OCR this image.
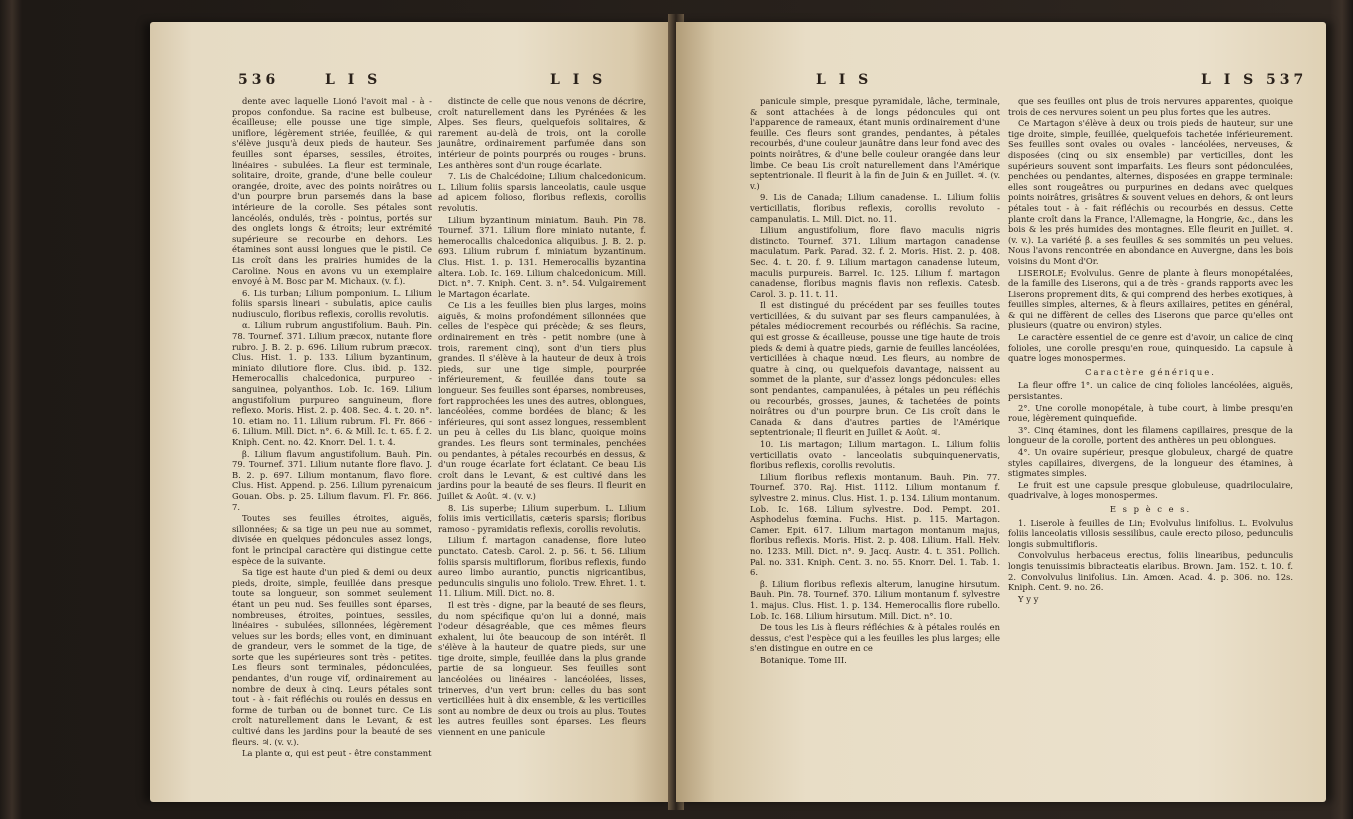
536	L I S	L I S

dente avec laquelle Lionó l'avoit mal - à - propos confondue. Sa racine est bulbeuse, écailleuse; elle pousse une tige simple, uniflore, légèrement striée, feuillée, & qui s'élève jusqu'à deux pieds de hauteur. Ses feuilles sont éparses, sessiles, étroites, linéaires - subulées. La fleur est terminale, solitaire, droite, grande, d'une belle couleur orangée, droite, avec des points noirâtres ou d'un pourpre brun parsemés dans la base intérieure de la corolle. Ses pétales sont lancéolés, ondulés, très - pointus, portés sur des onglets longs & étroits; leur extrémité supérieure se recourbe en dehors. Les étamines sont aussi longues que le pistil. Ce Lis croît dans les prairies humides de la Caroline. Nous en avons vu un exemplaire envoyé à M. Bosc par M. Michaux. (v. f.).

6. Lis turban; Lilium pomponium. L. Lilium foliis sparsis lineari - subulatis, apice caulis nudiusculo, floribus reflexis, corollis revolutis.

α. Lilium rubrum angustifolium. Bauh. Pin. 78. Tournef. 371. Lilium præcox, nutante flore rubro. J. B. 2. p. 696. Lilium rubrum præcox. Clus. Hist. 1. p. 133. Lilium byzantinum, miniato dilutiore flore. Clus. ibid. p. 132. Hemerocallis chalcedonica, purpureo - sanguinea, polyanthos. Lob. Ic. 169. Lilium angustifolium purpureo sanguineum, flore reflexo. Moris. Hist. 2. p. 408. Sec. 4. t. 20. n°. 10. etiam no. 11. Lilium rubrum. Fl. Fr. 866 - 6. Lilium. Mill. Dict. n°. 6. & Mill. Ic. t. 65. f. 2. Kniph. Cent. no. 42. Knorr. Del. 1. t. 4.

β. Lilium flavum angustifolium. Bauh. Pin. 79. Tournef. 371. Lilium nutante flore flavo. J. B. 2. p. 697. Lilium montanum, flavo flore. Clus. Hist. Append. p. 256. Lilium pyrenaicum Gouan. Obs. p. 25. Lilium flavum. Fl. Fr. 866. 7.

Toutes ses feuilles étroites, aiguës, sillonnées; & sa tige un peu nue au sommet, divisée en quelques pédoncules assez longs, font le principal caractère qui distingue cette espèce de la suivante.

Sa tige est haute d'un pied & demi ou deux pieds, droite, simple, feuillée dans presque toute sa longueur, son sommet seulement étant un peu nud. Ses feuilles sont éparses, nombreuses, étroites, pointues, sessiles, linéaires - subulées, sillonnées, légèrement velues sur les bords; elles vont, en diminuant de grandeur, vers le sommet de la tige, de sorte que les supérieures sont très - petites. Les fleurs sont terminales, pédonculées, pendantes, d'un rouge vif, ordinairement au nombre de deux à cinq. Leurs pétales sont tout - à - fait réfléchis ou roulés en dessus en forme de turban ou de bonnet turc. Ce Lis croît naturellement dans le Levant, & est cultivé dans les jardins pour la beauté de ses fleurs. ♃. (v. v.).

La plante α, qui est peut - être constamment

distincte de celle que nous venons de décrire, croît naturellement dans les Pyrénées & les Alpes. Ses fleurs, quelquefois solitaires, & rarement au-delà de trois, ont la corolle jaunâtre, ordinairement parfumée dans son intérieur de points pourprés ou rouges - bruns. Les anthères sont d'un rouge écarlate.

7. Lis de Chalcédoine; Lilium chalcedonicum. L. Lilium foliis sparsis lanceolatis, caule usque ad apicem folioso, floribus reflexis, corollis revolutis.

Lilium byzantinum miniatum. Bauh. Pin 78. Tournef. 371. Lilium flore miniato nutante, f. hemerocallis chalcedonica aliquibus. J. B. 2. p. 693. Lilium rubrum f. miniatum byzantinum. Clus. Hist. 1. p. 131. Hemerocallis byzantina altera. Lob. Ic. 169. Lilium chalcedonicum. Mill. Dict. n°. 7. Kniph. Cent. 3. n°. 54. Vulgairement le Martagon écarlate.

Ce Lis a les feuilles bien plus larges, moins aiguës, & moins profondément sillonnées que celles de l'espèce qui précède; & ses fleurs, ordinairement en très - petit nombre (une à trois, rarement cinq), sont d'un tiers plus grandes. Il s'élève à la hauteur de deux à trois pieds, sur une tige simple, pourprée inférieurement, & feuillée dans toute sa longueur. Ses feuilles sont éparses, nombreuses, fort rapprochées les unes des autres, oblongues, lancéolées, comme bordées de blanc; & les inférieures, qui sont assez longues, ressemblent un peu à celles du Lis blanc, quoique moins grandes. Les fleurs sont terminales, penchées ou pendantes, à pétales recourbés en dessus, & d'un rouge écarlate fort éclatant. Ce beau Lis croît dans le Levant, & est cultivé dans les jardins pour la beauté de ses fleurs. Il fleurit en Juillet & Août. ♃. (v. v.)

8. Lis superbe; Lilium superbum. L. Lilium foliis imis verticillatis, cæteris sparsis; floribus ramoso - pyramidatis reflexis, corollis revolutis.

Lilium f. martagon canadense, flore luteo punctato. Catesb. Carol. 2. p. 56. t. 56. Lilium foliis sparsis multiflorum, floribus reflexis, fundo aureo limbo aurantio, punctis nigricantibus, pedunculis singulis uno foliolo. Trew. Ehret. 1. t. 11. Lilium. Mill. Dict. no. 8.

Il est très - digne, par la beauté de ses fleurs, du nom spécifique qu'on lui a donné, mais l'odeur désagréable, que ces mêmes fleurs exhalent, lui ôte beaucoup de son intérêt. Il s'élève à la hauteur de quatre pieds, sur une tige droite, simple, feuillée dans la plus grande partie de sa longueur. Ses feuilles sont lancéolées ou linéaires - lancéolées, lisses, trinerves, d'un vert brun: celles du bas sont verticillées huit à dix ensemble, & les verticilles sont au nombre de deux ou trois au plus. Toutes les autres feuilles sont éparses. Les fleurs viennent en une panicule

L I S	L I S 537

panicule simple, presque pyramidale, lâche, terminale, & sont attachées à de longs pédoncules qui ont l'apparence de rameaux, étant munis ordinairement d'une feuille. Ces fleurs sont grandes, pendantes, à pétales recourbés, d'une couleur jaunâtre dans leur fond avec des points noirâtres, & d'une belle couleur orangée dans leur limbe. Ce beau Lis croît naturellement dans l'Amérique septentrionale. Il fleurit à la fin de Juin & en Juillet. ♃. (v. v.)

9. Lis de Canada; Lilium canadense. L. Lilium foliis verticillatis, floribus reflexis, corollis revoluto - campanulatis. L. Mill. Dict. no. 11.

Lilium angustifolium, flore flavo maculis nigris distincto. Tournef. 371. Lilium martagon canadense maculatum. Park. Parad. 32. f. 2. Moris. Hist. 2. p. 408. Sec. 4. t. 20. f. 9. Lilium martagon canadense luteum, maculis purpureis. Barrel. Ic. 125. Lilium f. martagon canadense, floribus magnis flavis non reflexis. Catesb. Carol. 3. p. 11. t. 11.

Il est distingué du précédent par ses feuilles toutes verticillées, & du suivant par ses fleurs campanulées, à pétales médiocrement recourbés ou réfléchis. Sa racine, qui est grosse & écailleuse, pousse une tige haute de trois pieds & demi à quatre pieds, garnie de feuilles lancéolées, verticillées à chaque nœud. Les fleurs, au nombre de quatre à cinq, ou quelquefois davantage, naissent au sommet de la plante, sur d'assez longs pédoncules: elles sont pendantes, campanulées, à pétales un peu réfléchis ou recourbés, grosses, jaunes, & tachetées de points noirâtres ou d'un pourpre brun. Ce Lis croît dans le Canada & dans d'autres parties de l'Amérique septentrionale; Il fleurit en Juillet & Août. ♃.

10. Lis martagon; Lilium martagon. L. Lilium foliis verticillatis ovato - lanceolatis subquinquenervatis, floribus reflexis, corollis revolutis.

Lilium floribus reflexis montanum. Bauh. Pin. 77. Tournef. 370. Raj. Hist. 1112. Lilium montanum f. sylvestre 2. minus. Clus. Hist. 1. p. 134. Lilium montanum. Lob. Ic. 168. Lilium sylvestre. Dod. Pempt. 201. Asphodelus fœmina. Fuchs. Hist. p. 115. Martagon. Camer. Epit. 617. Lilium martagon montanum majus, floribus reflexis. Moris. Hist. 2. p. 408. Lilium. Hall. Helv. no. 1233. Mill. Dict. n°. 9. Jacq. Austr. 4. t. 351. Pollich. Pal. no. 331. Kniph. Cent. 3. no. 55. Knorr. Del. 1. Tab. 1. 6.

β. Lilium floribus reflexis alterum, lanugine hirsutum. Bauh. Pin. 78. Tournef. 370. Lilium montanum f. sylvestre 1. majus. Clus. Hist. 1. p. 134. Hemerocallis flore rubello. Lob. Ic. 168. Lilium hirsutum. Mill. Dict. n°. 10.

De tous les Lis à fleurs réfléchies & à pétales roulés en dessus, c'est l'espèce qui a les feuilles les plus larges; elle s'en distingue en outre en ce

Botanique. Tome III.

que ses feuilles ont plus de trois nervures apparentes, quoique trois de ces nervures soient un peu plus fortes que les autres.

Ce Martagon s'élève à deux ou trois pieds de hauteur, sur une tige droite, simple, feuillée, quelquefois tachetée inférieurement. Ses feuilles sont ovales ou ovales - lancéolées, nerveuses, & disposées (cinq ou six ensemble) par verticilles, dont les supérieurs souvent sont imparfaits. Les fleurs sont pédonculées, penchées ou pendantes, alternes, disposées en grappe terminale: elles sont rougeâtres ou purpurines en dedans avec quelques points noirâtres, grisâtres & souvent velues en dehors, & ont leurs pétales tout - à - fait réfléchis ou recourbés en dessus. Cette plante croît dans la France, l'Allemagne, la Hongrie, &c., dans les bois & les prés humides des montagnes. Elle fleurit en Juillet. ♃. (v. v.). La variété β. a ses feuilles & ses sommités un peu velues. Nous l'avons rencontrée en abondance en Auvergne, dans les bois voisins du Mont d'Or.

LISEROLE; Evolvulus. Genre de plante à fleurs monopétalées, de la famille des Liserons, qui a de très - grands rapports avec les Liserons proprement dits, & qui comprend des herbes exotiques, à feuilles simples, alternes, & à fleurs axillaires, petites en général, & qui ne diffèrent de celles des Liserons que parce qu'elles ont plusieurs (quatre ou environ) styles.

Le caractère essentiel de ce genre est d'avoir, un calice de cinq folioles, une corolle presqu'en roue, quinquesido. La capsule à quatre loges monospermes.

Caractère générique.

La fleur offre 1°. un calice de cinq folioles lancéolées, aiguës, persistantes.

2°. Une corolle monopétale, à tube court, à limbe presqu'en roue, légèrement quinquefide.

3°. Cinq étamines, dont les filamens capillaires, presque de la longueur de la corolle, portent des anthères un peu oblongues.

4°. Un ovaire supérieur, presque globuleux, chargé de quatre styles capillaires, divergens, de la longueur des étamines, à stigmates simples.

Le fruit est une capsule presque globuleuse, quadriloculaire, quadrivalve, à loges monospermes.

E s p è c e s.

1. Liserole à feuilles de Lin; Evolvulus linifolius. L. Evolvulus foliis lanceolatis villosis sessilibus, caule erecto piloso, pedunculis longis submultifloris.

Convolvulus herbaceus erectus, foliis linearibus, pedunculis longis tenuissimis bibracteatis elaribus. Brown. Jam. 152. t. 10. f. 2. Convolvulus linifolius. Lin. Amœn. Acad. 4. p. 306. no. 12s. Kniph. Cent. 9. no. 26.

Y y y
